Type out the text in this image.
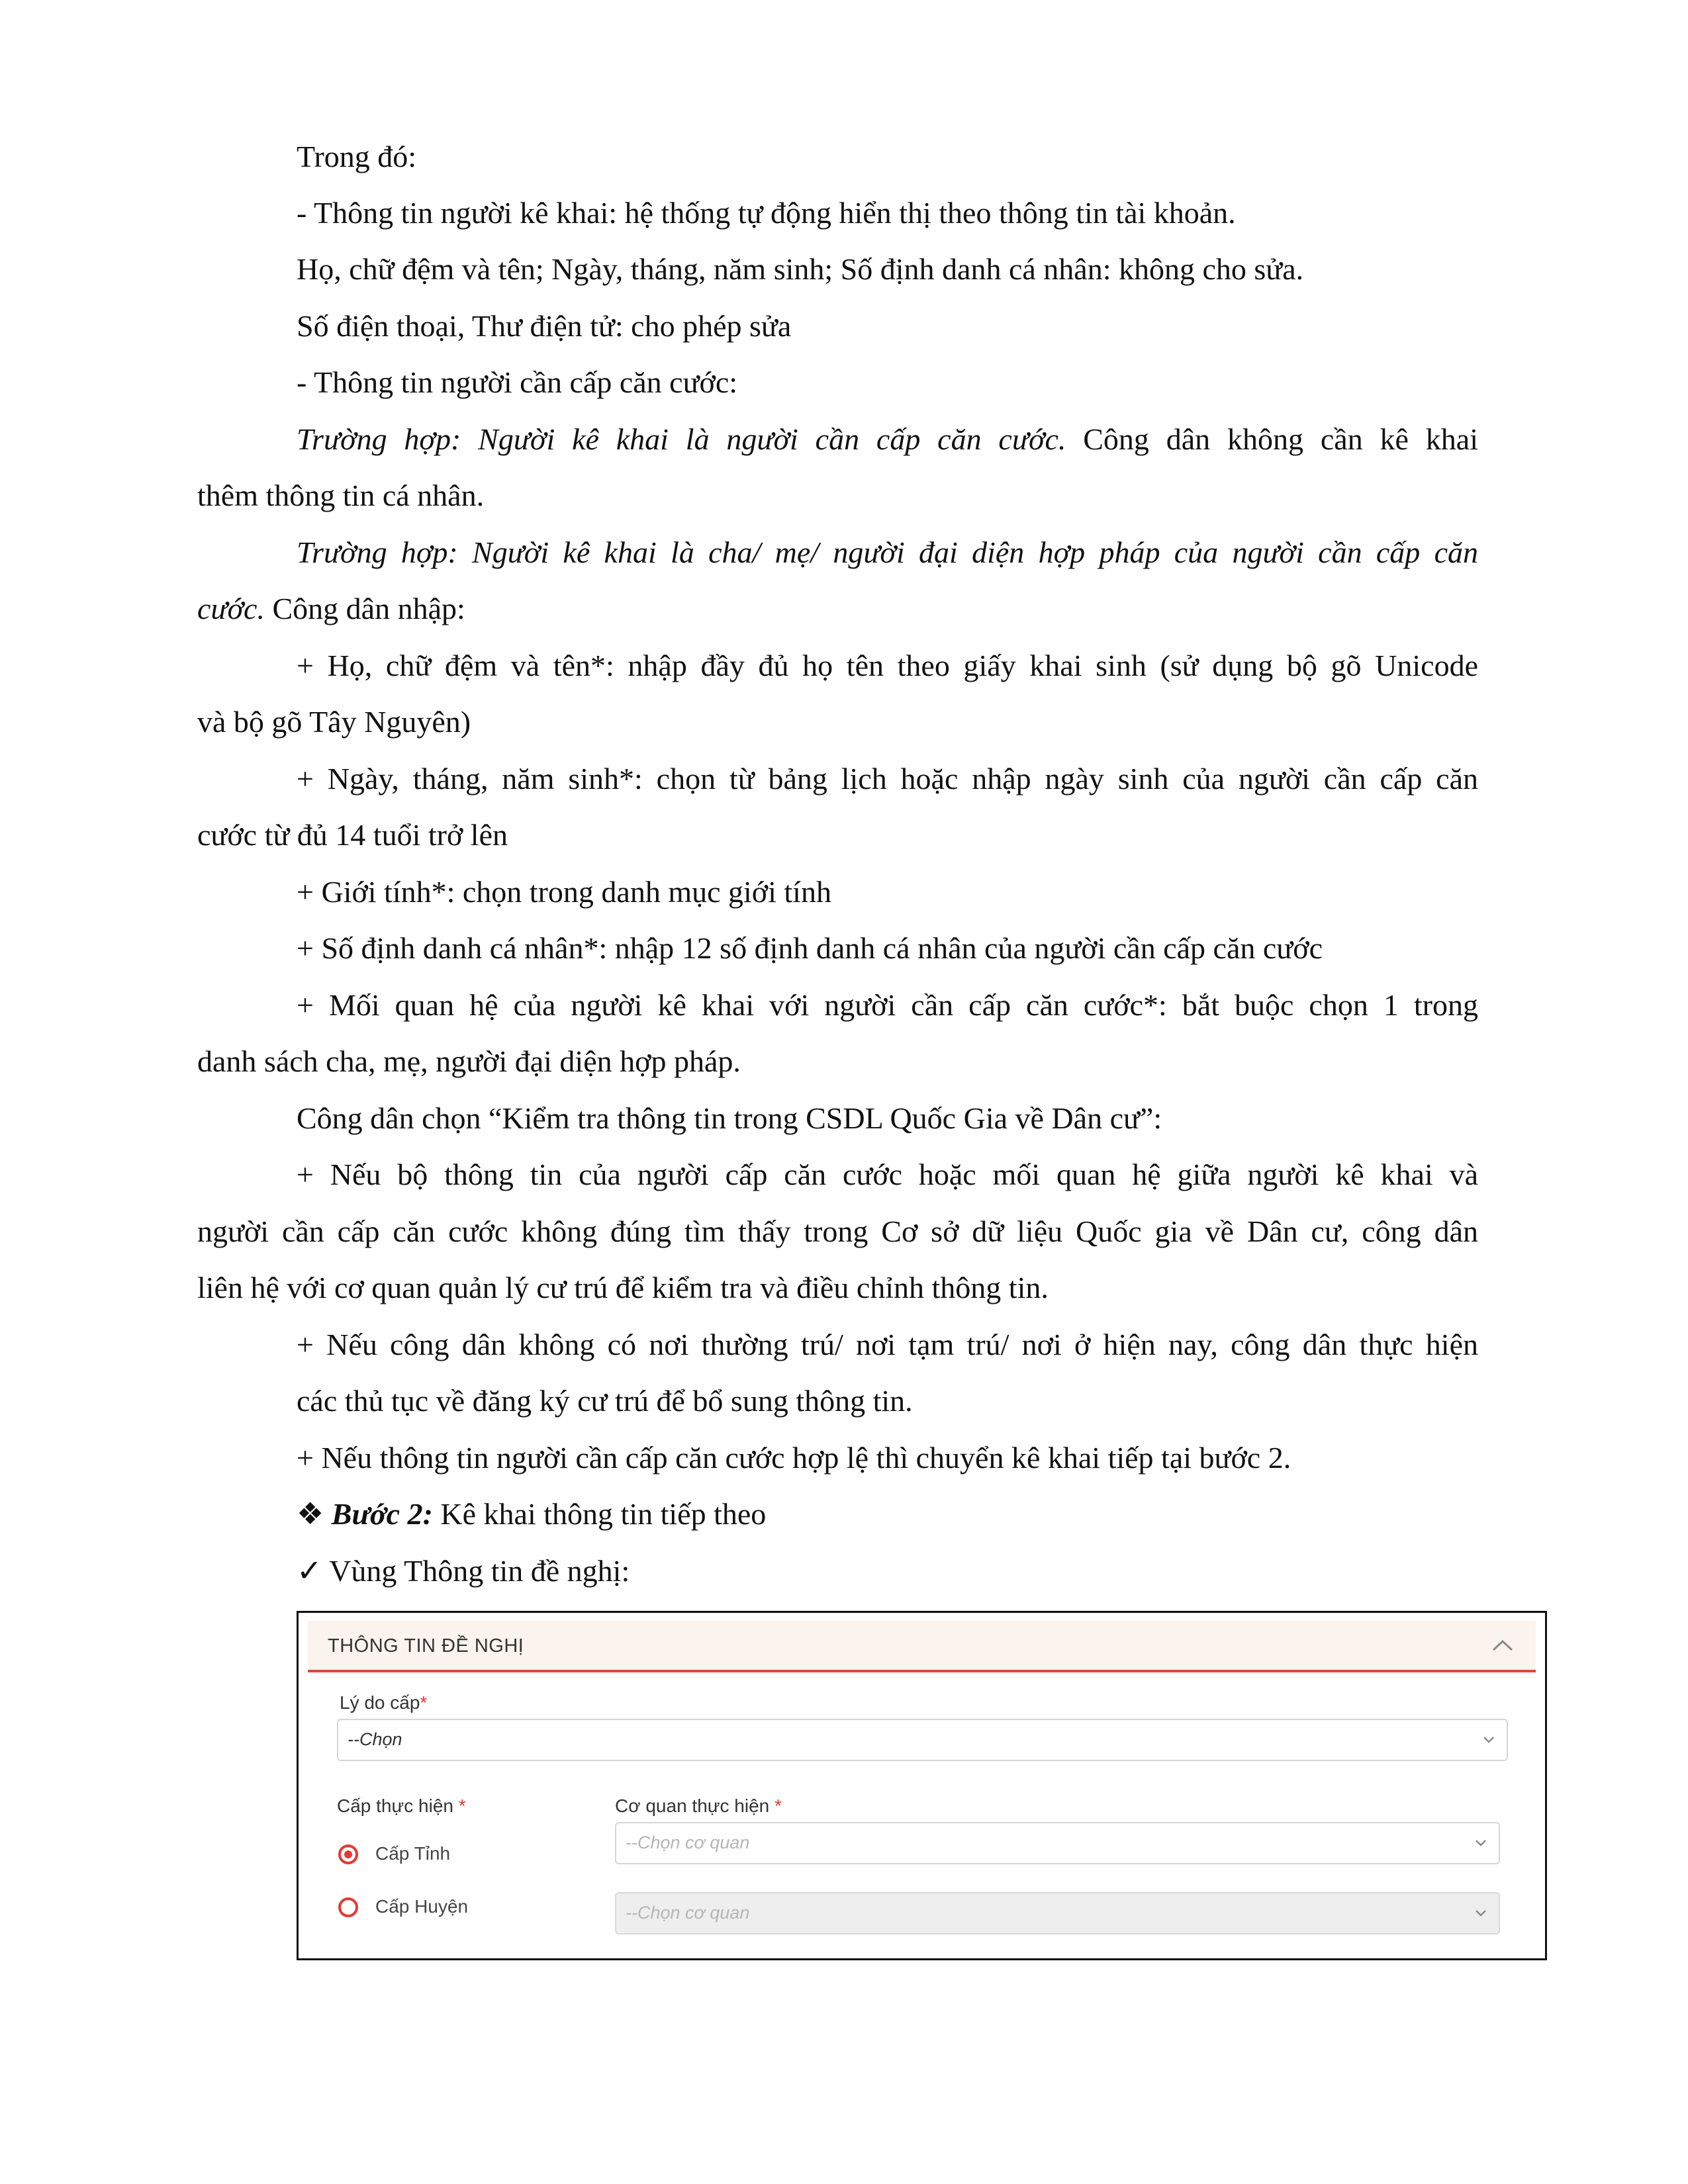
Trong đó:
- Thông tin người kê khai: hệ thống tự động hiển thị theo thông tin tài khoản.
Họ, chữ đệm và tên; Ngày, tháng, năm sinh; Số định danh cá nhân: không cho sửa.
Số điện thoại, Thư điện tử: cho phép sửa
- Thông tin người cần cấp căn cước:
Trường hợp: Người kê khai là người cần cấp căn cước. Công dân không cần kê khai
thêm thông tin cá nhân.
Trường hợp: Người kê khai là cha/ mẹ/ người đại diện hợp pháp của người cần cấp căn
cước. Công dân nhập:
+ Họ, chữ đệm và tên*: nhập đầy đủ họ tên theo giấy khai sinh (sử dụng bộ gõ Unicode
và bộ gõ Tây Nguyên)
+ Ngày, tháng, năm sinh*: chọn từ bảng lịch hoặc nhập ngày sinh của người cần cấp căn
cước từ đủ 14 tuổi trở lên
+ Giới tính*: chọn trong danh mục giới tính
+ Số định danh cá nhân*: nhập 12 số định danh cá nhân của người cần cấp căn cước
+ Mối quan hệ của người kê khai với người cần cấp căn cước*: bắt buộc chọn 1 trong
danh sách cha, mẹ, người đại diện hợp pháp.
Công dân chọn “Kiểm tra thông tin trong CSDL Quốc Gia về Dân cư”:
+ Nếu bộ thông tin của người cấp căn cước hoặc mối quan hệ giữa người kê khai và
người cần cấp căn cước không đúng tìm thấy trong Cơ sở dữ liệu Quốc gia về Dân cư, công dân
liên hệ với cơ quan quản lý cư trú để kiểm tra và điều chỉnh thông tin.
+ Nếu công dân không có nơi thường trú/ nơi tạm trú/ nơi ở hiện nay, công dân thực hiện
các thủ tục về đăng ký cư trú để bổ sung thông tin.
+ Nếu thông tin người cần cấp căn cước hợp lệ thì chuyển kê khai tiếp tại bước 2.
❖ Bước 2: Kê khai thông tin tiếp theo
✓ Vùng Thông tin đề nghị:
THÔNG TIN ĐỀ NGHỊ
Lý do cấp*
--Chọn
Cấp thực hiện *	Cơ quan thực hiện *
Cấp Tỉnh
Cấp Huyện
--Chọn cơ quan
--Chọn cơ quan
